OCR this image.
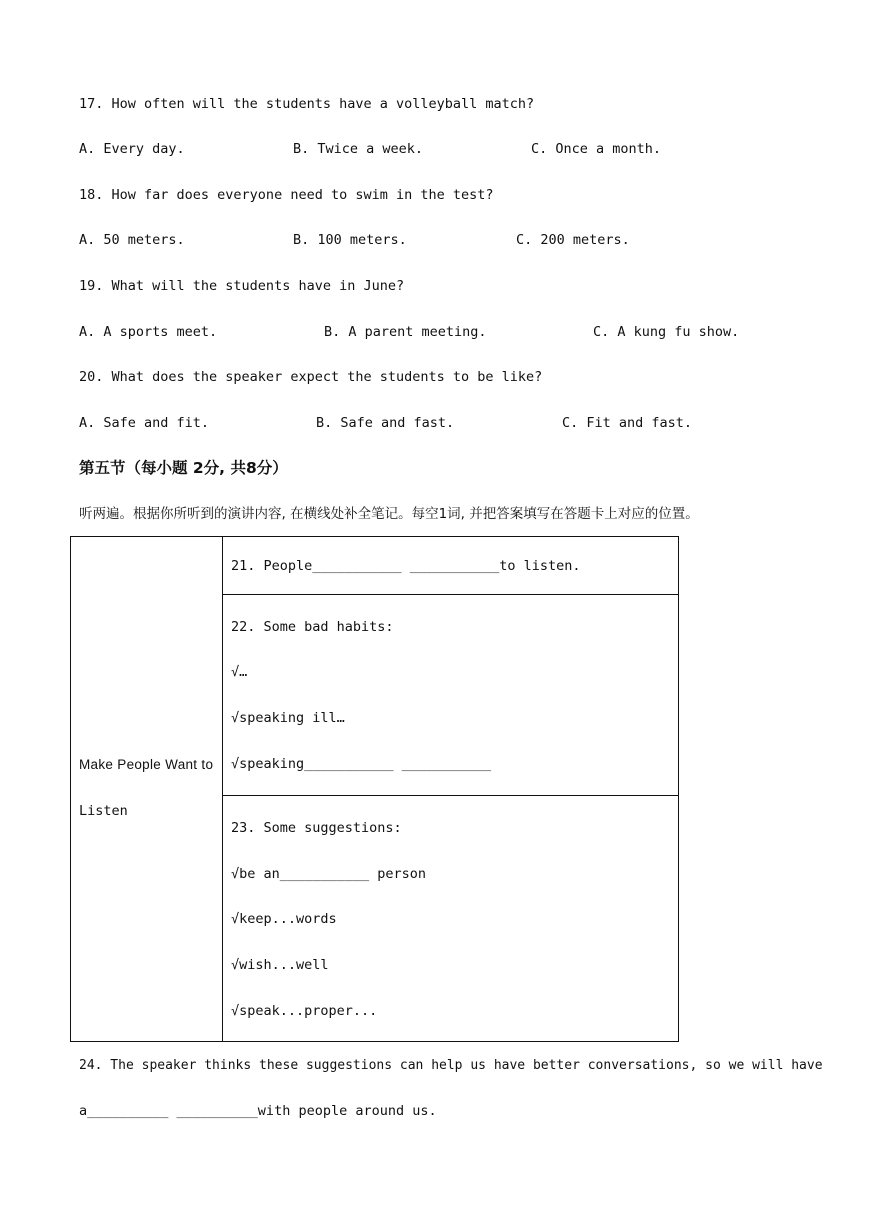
17. How often will the students have a volleyball match?
A. Every day.	B. Twice a week.	C. Once a month.
18. How far does everyone need to swim in the test?
A. 50 meters.	B. 100 meters.	C. 200 meters.
19. What will the students have in June?
A. A sports meet.	B. A parent meeting.	C. A kung fu show.
20. What does the speaker expect the students to be like?
A. Safe and fit.	B. Safe and fast.	C. Fit and fast.
第五节（每小题 2分, 共8分）
听两遍。根据你所听到的演讲内容, 在横线处补全笔记。每空1词, 并把答案填写在答题卡上对应的位置。
Make People Want to
Listen
21. People___________ ___________to listen.
22. Some bad habits:
√…
√speaking ill…
√speaking___________ ___________
23. Some suggestions:
√be an___________ person
√keep...words
√wish...well
√speak...proper...
24. The speaker thinks these suggestions can help us have better conversations, so we will have
a__________ __________with people around us.
